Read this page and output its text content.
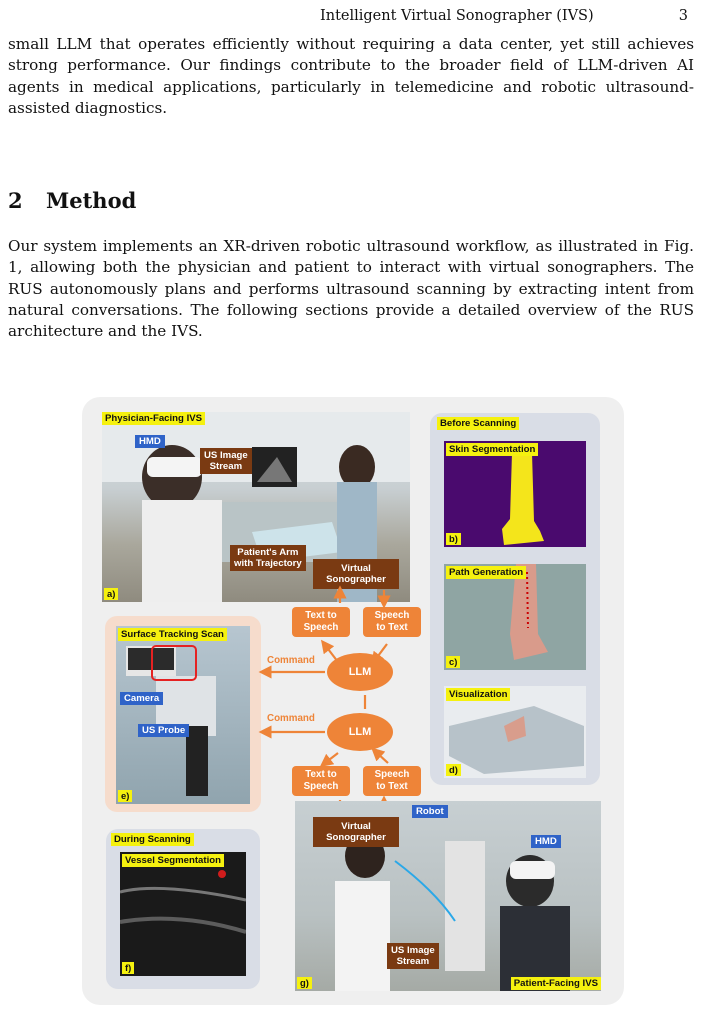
Intelligent Virtual Sonographer (IVS)	3

small LLM that operates efficiently without requiring a data center, yet still achieves strong performance. Our findings contribute to the broader field of LLM-driven AI agents in medical applications, particularly in telemedicine and robotic ultrasound-assisted diagnostics.

2 Method

Our system implements an XR-driven robotic ultrasound workflow, as illustrated in Fig. 1, allowing both the physician and patient to interact with virtual sonographers. The RUS autonomously plans and performs ultrasound scanning by extracting intent from natural conversations. The following sections provide a detailed overview of the RUS architecture and the IVS.

Physician-Facing IVS
HMD
US Image
Stream
Patient's Arm
with Trajectory
a)
Virtual
Sonographer
Before Scanning
Skin Segmentation
b)
Path Generation
c)
Visualization
d)
Surface Tracking Scan
Camera
US Probe
e)
Text to
Speech
Speech
to Text
LLM
LLM
Command
Command
Text to
Speech
Speech
to Text
During Scanning
Vessel Segmentation
f)
Robot
HMD
US Image
Stream
g)	Patient-Facing IVS
Virtual
Sonographer
